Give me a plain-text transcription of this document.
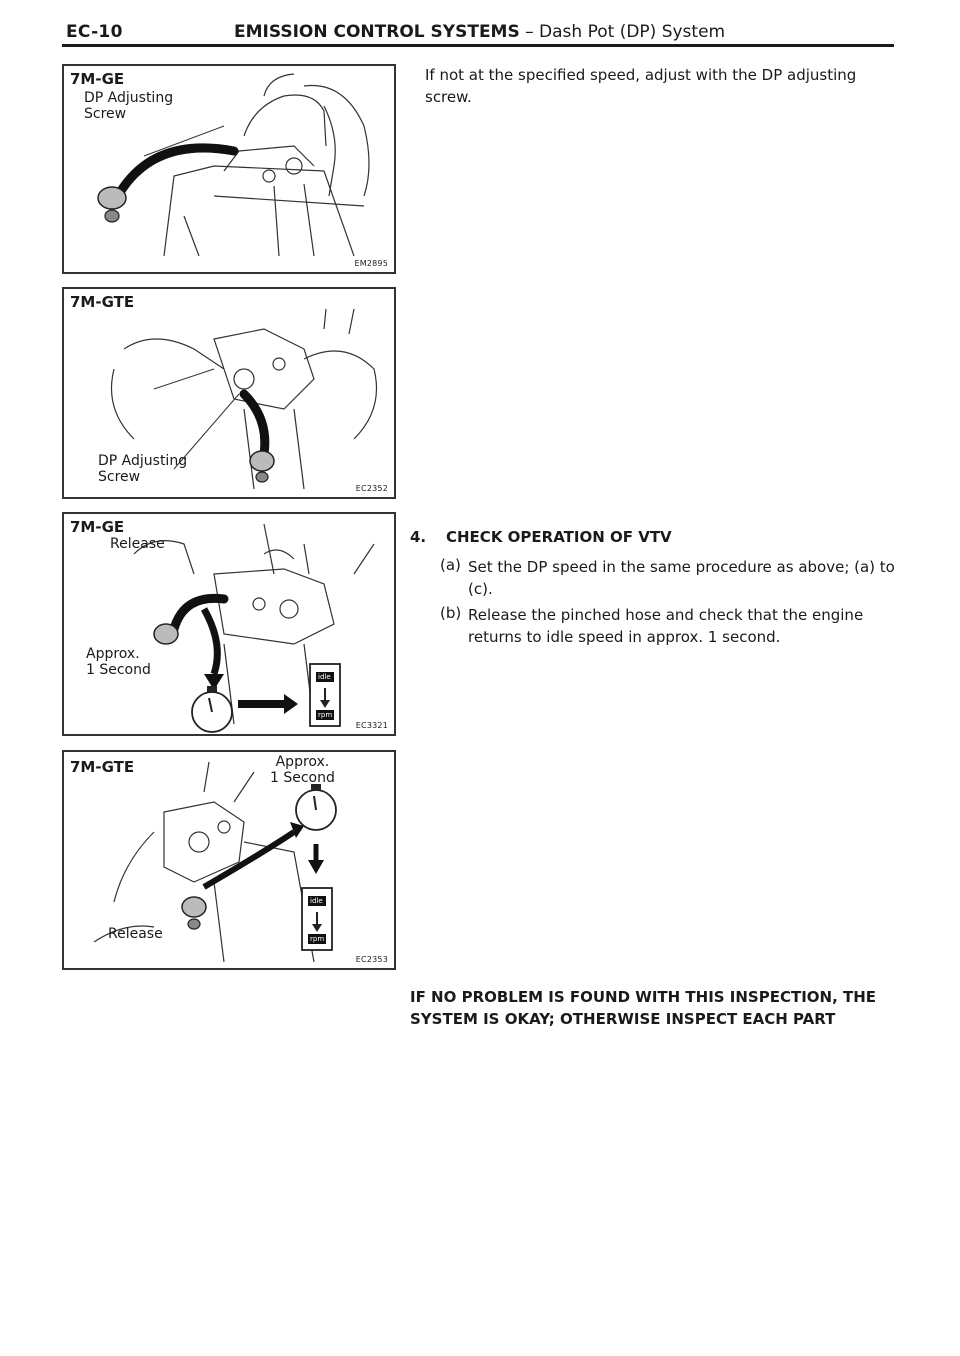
EC-10	EMISSION CONTROL SYSTEMS – Dash Pot (DP) System
7M-GE
DP Adjusting
Screw
EM2895
7M-GTE
DP Adjusting
Screw
EC2352
7M-GE
Release
Approx.
1 Second	idle
rpm
EC3321
7M-GTE	Approx.
1 Second
Release
idle
rpm
EC2353
If not at the specified speed, adjust with the DP adjusting screw.
4. CHECK OPERATION OF VTV
(a) Set the DP speed in the same procedure as above; (a) to (c).
(b) Release the pinched hose and check that the engine returns to idle speed in approx. 1 second.
IF NO PROBLEM IS FOUND WITH THIS INSPECTION, THE SYSTEM IS OKAY; OTHERWISE INSPECT EACH PART
